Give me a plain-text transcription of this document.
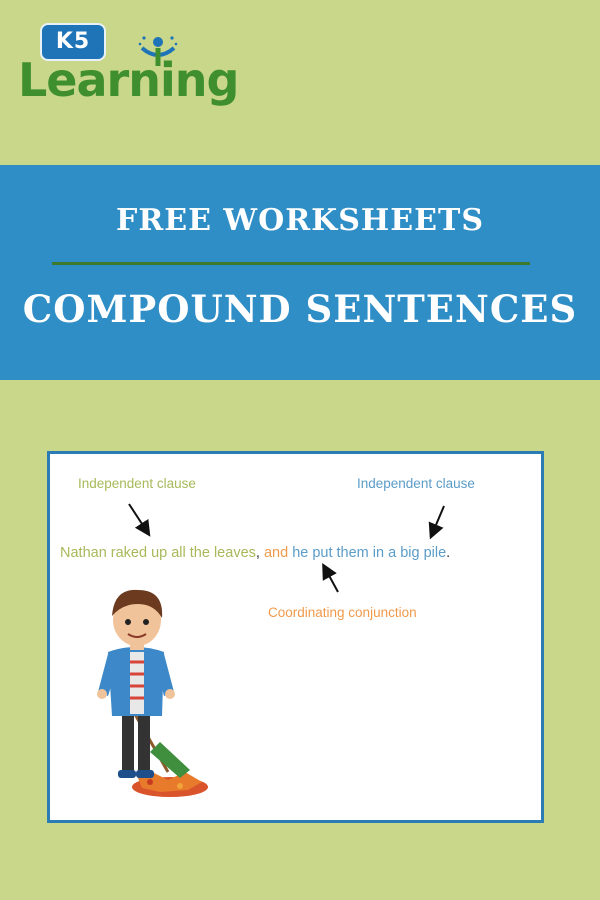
K5
Learning
FREE WORKSHEETS
COMPOUND SENTENCES
Independent clause	Independent clause
Nathan raked up all the leaves, and he put them in a big pile.
Coordinating conjunction
